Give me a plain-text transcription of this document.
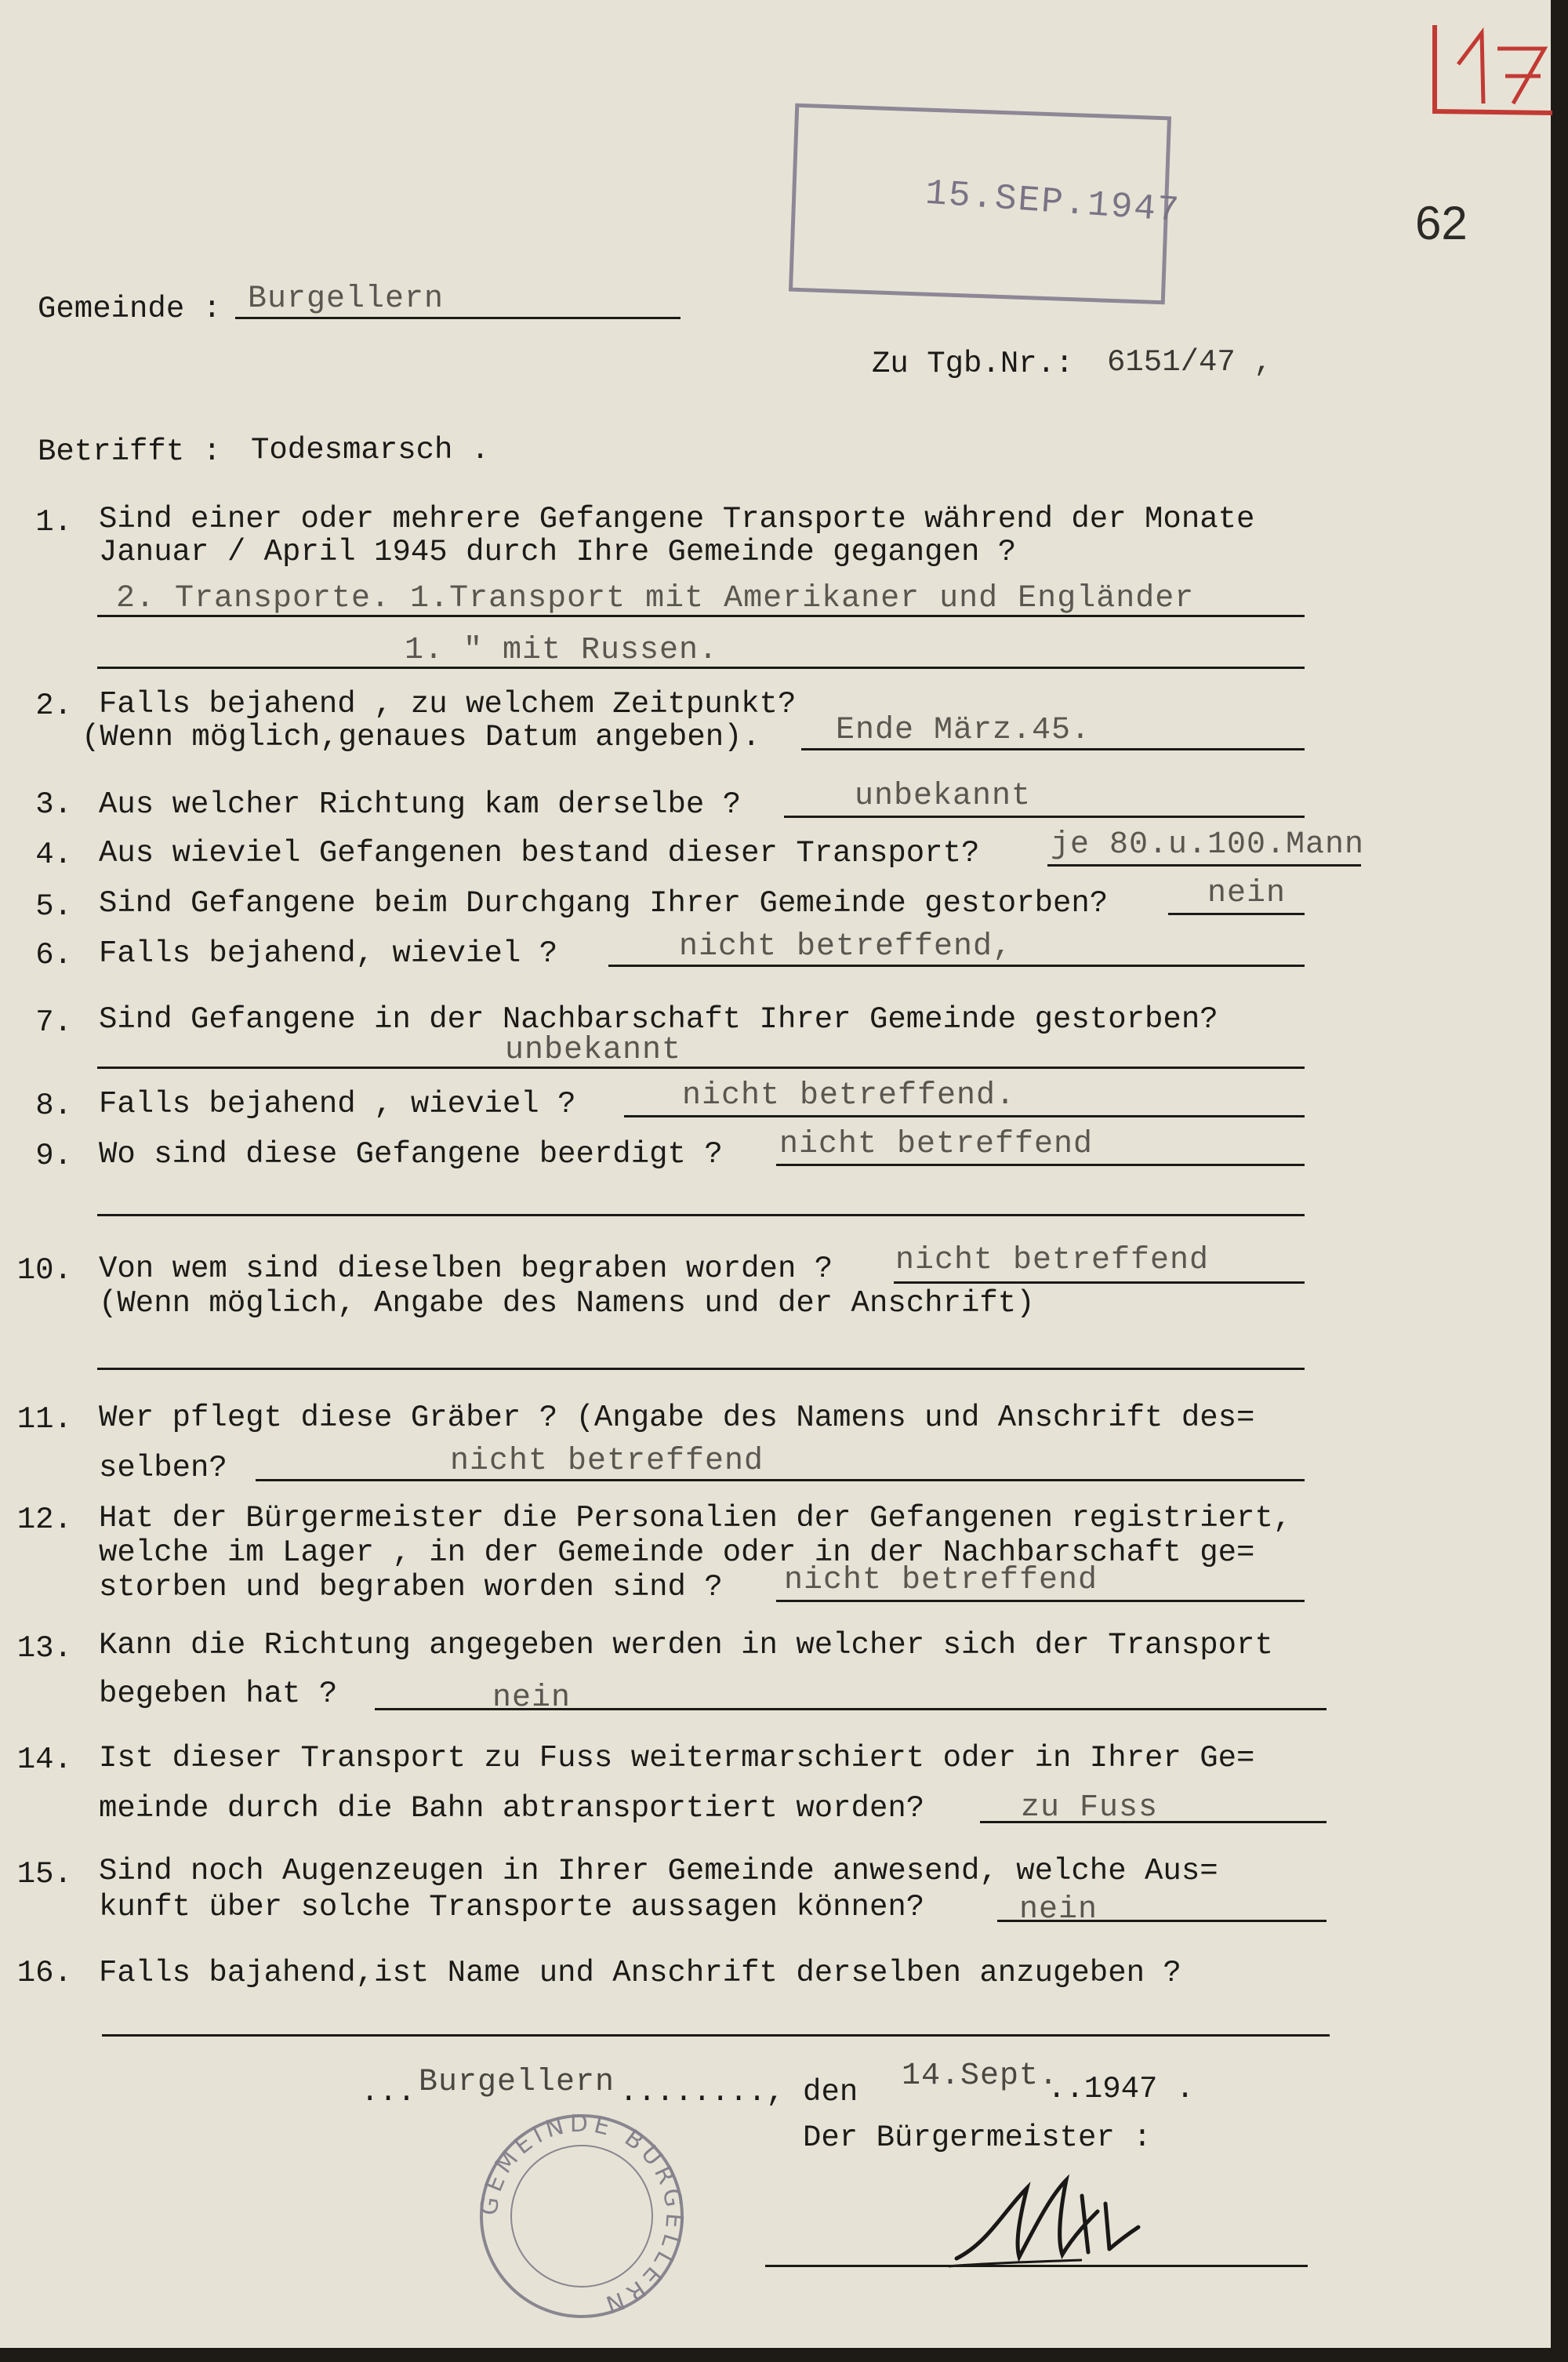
15.SEP.1947	62
Gemeinde : Burgellern
Zu Tgb.Nr.: 6151/47 ,
Betrifft : Todesmarsch .
1. Sind einer oder mehrere Gefangene Transporte während der Monate
Januar / April 1945 durch Ihre Gemeinde gegangen ?
2. Transporte. 1.Transport mit Amerikaner und Engländer
1. " mit Russen.
2. Falls bejahend , zu welchem Zeitpunkt?
(Wenn möglich,genaues Datum angeben). Ende März.45.
3. Aus welcher Richtung kam derselbe ?	unbekannt
4. Aus wieviel Gefangenen bestand dieser Transport? je 80.u.100.Mann
5. Sind Gefangene beim Durchgang Ihrer Gemeinde gestorben?	nein
6. Falls bejahend, wieviel ?	nicht betreffend,
7. Sind Gefangene in der Nachbarschaft Ihrer Gemeinde gestorben?
unbekannt
8. Falls bejahend , wieviel ?	nicht betreffend.
9. Wo sind diese Gefangene beerdigt ? nicht betreffend
10. Von wem sind dieselben begraben worden ?
(Wenn möglich, Angabe des Namens und der Anschrift)
nicht betreffend
11. Wer pflegt diese Gräber ? (Angabe des Namens und Anschrift des=
selben?	nicht betreffend
12. Hat der Bürgermeister die Personalien der Gefangenen registriert,
welche im Lager , in der Gemeinde oder in der Nachbarschaft ge=
storben und begraben worden sind ? nicht betreffend
13. Kann die Richtung angegeben werden in welcher sich der Transport
begeben hat ?	nein
14. Ist dieser Transport zu Fuss weitermarschiert oder in Ihrer Ge=
meinde durch die Bahn abtransportiert worden?	zu Fuss
15. Sind noch Augenzeugen in Ihrer Gemeinde anwesend, welche Aus=
kunft über solche Transporte aussagen können?	nein
16. Falls bajahend,ist Name und Anschrift derselben anzugeben ?
... Burgellern ........, den 14.Sept.
..1947 .
Der Bürgermeister :
GEMEINDE BURGELLERN
